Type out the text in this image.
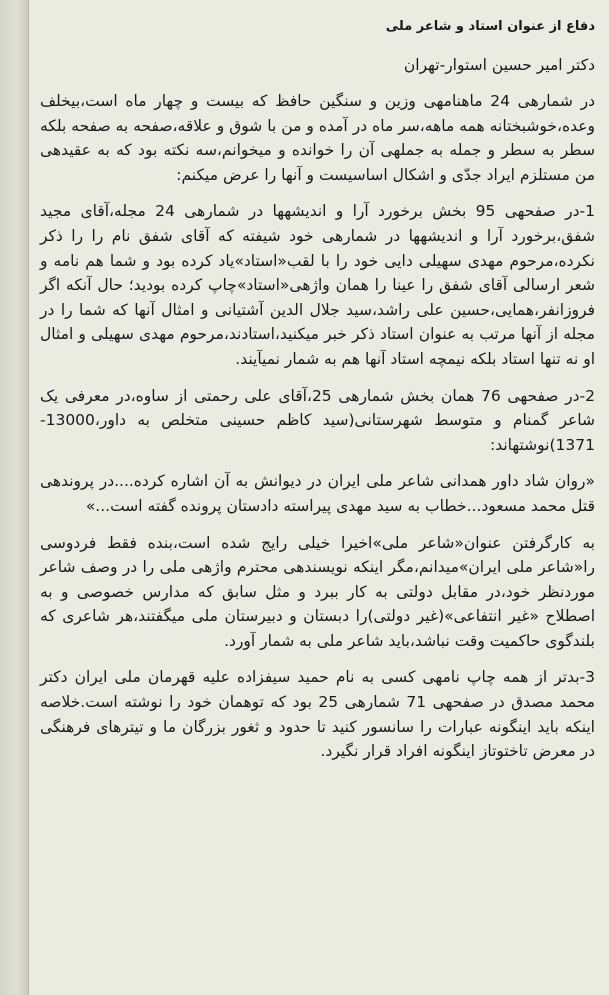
دفاع از عنوان استاد و شاعر ملی
دکتر امیر حسین استوار-تهران

در شمارهی 24 ماهنامهی وزین و سنگین حافظ که بیست و چهار ماه است،بیخلف وعده،خوشبختانه همه ماهه،سر ماه در آمده و من با شوق و علاقه،صفحه به صفحه بلکه سطر به سطر و جمله به جملهی آن را خوانده و میخوانم،سه نکته بود که به عقیدهی من مستلزم ایراد جدّی و اشکال اساسیست و آنها را عرض میکنم:

1-در صفحهی 95 بخش برخورد آرا و اندیشهها در شمارهی 24 مجله،آقای مجید شفق،برخورد آرا و اندیشهها در شمارهی خود شیفته که آقای شفق نام را را ذکر نکرده،مرحوم مهدی سهیلی دایی خود را با لقب«استاد»یاد کرده بود و شما هم نامه و شعر ارسالی آقای شفق را عینا را همان واژهی«استاد»چاپ کرده بودید؛ حال آنکه اگر فروزانفر،همایی،حسین علی راشد،سید جلال الدین آشتیانی و امثال آنها که شما را در مجله از آنها مرتب به عنوان استاد ذکر خبر میکنید،استادند،مرحوم مهدی سهیلی و امثال او نه تنها استاد بلکه نیمچه استاد آنها هم به شمار نمیآیند.

2-در صفحهی 76 همان بخش شمارهی 25،آقای علی رحمتی از ساوه،در معرفی یک شاعر گمنام و متوسط شهرستانی(سید کاظم حسینی متخلص به داور،13000-1371)نوشتهاند:

«روان شاد داور همدانی شاعر ملی ایران در دیوانش به آن اشاره کرده....در پروندهی قتل محمد مسعود...خطاب به سید مهدی پیراسته دادستان پرونده گفته است...»

به کارگرفتن عنوان«شاعر ملی»اخیرا خیلی رایج شده است،بنده فقط فردوسی را«شاعر ملی ایران»میدانم،مگر اینکه نویسندهی محترم واژهی ملی را در وصف شاعر موردنظر خود،در مقابل دولتی به کار ببرد و مثل سابق که مدارس خصوصی و به اصطلاح «غیر انتفاعی»(غیر دولتی)را دبستان و دبیرستان ملی میگفتند،هر شاعری که بلندگوی حاکمیت وقت نباشد،باید شاعر ملی به شمار آورد.

3-بدتر از همه چاپ نامهی کسی به نام حمید سیفزاده علیه قهرمان ملی ایران دکتر محمد مصدق در صفحهی 71 شمارهی 25 بود که توهمان خود را نوشته است.خلاصه اینکه باید اینگونه عبارات را سانسور کنید تا حدود و ثغور بزرگان ما و تیترهای فرهنگی در معرض تاختوتاز اینگونه افراد قرار نگیرد.
